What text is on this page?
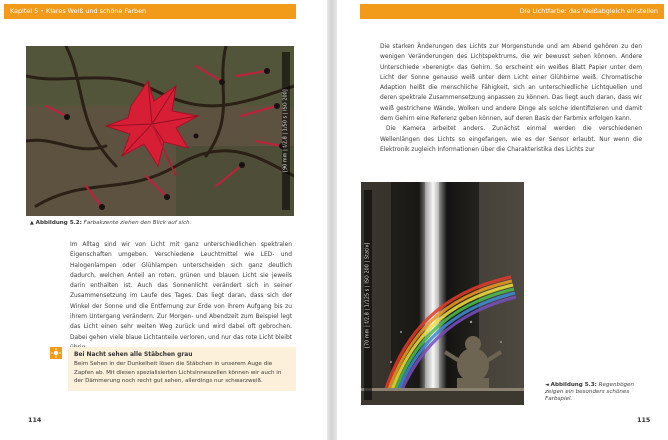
Kapitel 5 • Klares Weiß und schöne Farben
[90 mm | f/2,8 | 1/50 s | ISO 200]
▲ Abbildung 5.2: Farbakzente ziehen den Blick auf sich.

Im Alltag sind wir von Licht mit ganz unterschiedlichen spektralen Eigenschaften umgeben. Verschiedene Leuchtmittel wie LED- und Halogenlampen oder Glühlampen unterscheiden sich ganz deutlich dadurch, welchen Anteil an roten, grünen und blauen Licht sie jeweils darin enthalten ist. Auch das Sonnenlicht verändert sich in seiner Zusammensetzung im Laufe des Tages. Das liegt daran, dass sich der Winkel der Sonne und die Entfernung zur Erde von ihrem Aufgang bis zu ihrem Untergang verändern. Zur Morgen- und Abendzeit zum Beispiel legt das Licht einen sehr weiten Weg zurück und wird dabei oft gebrochen. Dabei gehen viele blaue Lichtanteile verloren, und nur das rote Licht bleibt

Bei Nacht sehen alle Stäbchen grau
Beim Sehen in der Dunkelheit lösen die Stäbchen in unserem Auge die Zapfen ab. Mit diesen spezialisierten Lichtsinneszellen können wir auch in der Dämmerung noch recht gut sehen, allerdings nur schwarzweiß.
114
Die Lichtfarbe: das Weißabgleich einstellen

Die starken Änderungen des Lichts zur Morgenstunde und am Abend gehören zu den wenigen Veränderungen des Lichtspektrums, die wir bewusst sehen können. Andere Unterschiede »berenigt« das Gehirn. So erscheint ein weißes Blatt Papier unter dem Licht der Sonne genauso weiß unter dem Licht einer Glühbirne weiß. Chromatische Adaption heißt die menschliche Fähigkeit, sich an unterschiedliche Lichtquellen und deren spektrale Zusammensetzung anpassen zu können. Das liegt auch daran, dass wir weiß gestrichene Wände, Wolken und andere Dinge als solche identifizieren und damit dem Gehirn eine Referenz geben können, auf deren Basis der Farbmix erfolgen kann.

Die Kamera arbeitet anders. Zunächst einmal werden die verschiedenen Wellenlängen des Lichts so eingefangen, wie es der Sensor erlaubt. Nur wenn die Elektronik zugleich Informationen über die Charakteristika des Lichts zur

[70 mm | f/2,8 | 1/125 s | ISO 200 | Stativ]
◄ Abbildung 5.3: Regenbögen zeigen ein besonders schönes Farbspiel.
115
